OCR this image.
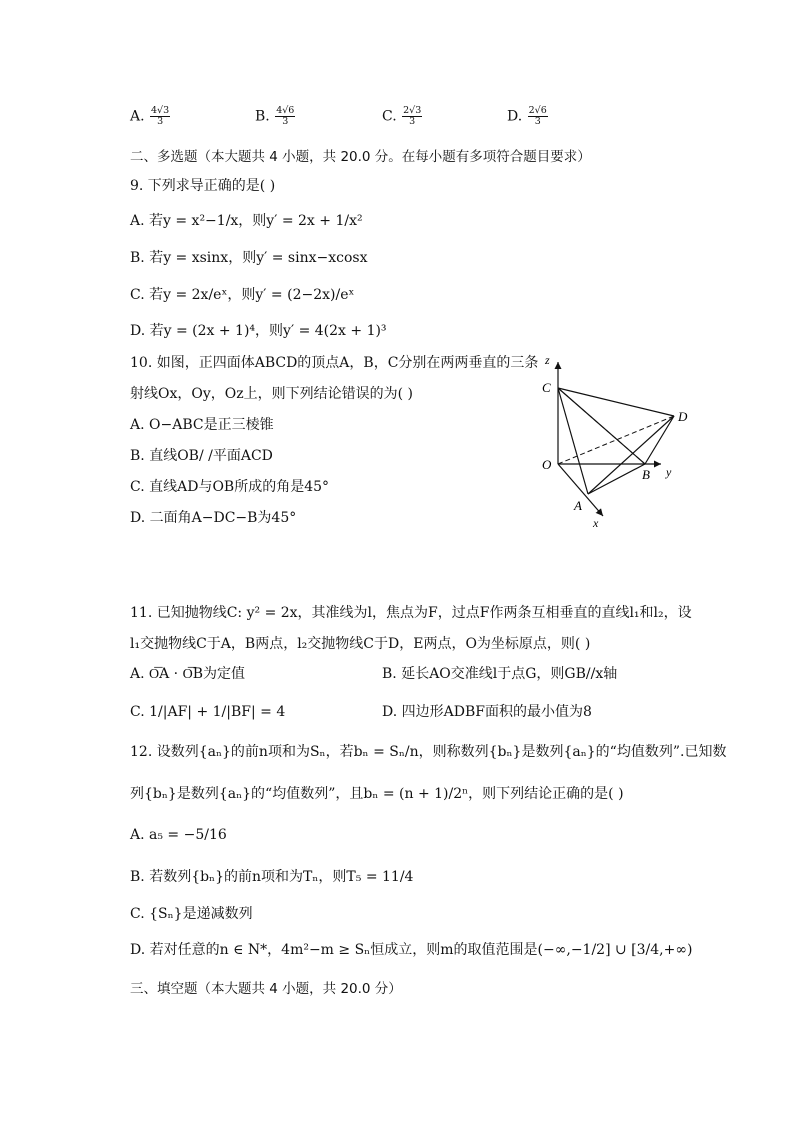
A. $\frac{4√3}{3}$	B. $\frac{4√6}{3}$	C. $\frac{2√3}{3}$	D. $\frac{2√6}{3}$
二、多选题（本大题共 4 小题，共 20.0 分。在每小题有多项符合题目要求）
9. 下列求导正确的是( )
A. 若y = x²−1/x，则y′ = 2x + 1/x²
B. 若y = xsinx，则y′ = sinx−xcosx
C. 若y = 2x/eˣ，则y′ = (2−2x)/eˣ
D. 若y = (2x + 1)⁴，则y′ = 4(2x + 1)³
10. 如图，正四面体ABCD的顶点A，B，C分别在两两垂直的三条
射线Ox，Oy，Oz上，则下列结论错误的为( )
A. O−ABC是正三棱锥
B. 直线OB/ /平面ACD
C. 直线AD与OB所成的角是45°
D. 二面角A−DC−B为45°
z
C
D
O
B y
A
x
11. 已知抛物线C: y² = 2x，其准线为l，焦点为F，过点F作两条互相垂直的直线l₁和l₂，设
l₁交抛物线C于A，B两点，l₂交抛物线C于D，E两点，O为坐标原点，则( )
A. O͞A · O͞B为定值	B. 延长AO交准线l于点G，则GB//x轴
C. 1/|AF| + 1/|BF| = 4	D. 四边形ADBF面积的最小值为8
12. 设数列{aₙ}的前n项和为Sₙ，若bₙ = Sₙ/n，则称数列{bₙ}是数列{aₙ}的“均值数列”.已知数
列{bₙ}是数列{aₙ}的“均值数列”，且bₙ = (n + 1)/2ⁿ，则下列结论正确的是( )
A. a₅ = −5/16
B. 若数列{bₙ}的前n项和为Tₙ，则T₅ = 11/4
C. {Sₙ}是递减数列
D. 若对任意的n ∈ N*，4m²−m ≥ Sₙ恒成立，则m的取值范围是(−∞,−1/2] ∪ [3/4,+∞)
三、填空题（本大题共 4 小题，共 20.0 分）
